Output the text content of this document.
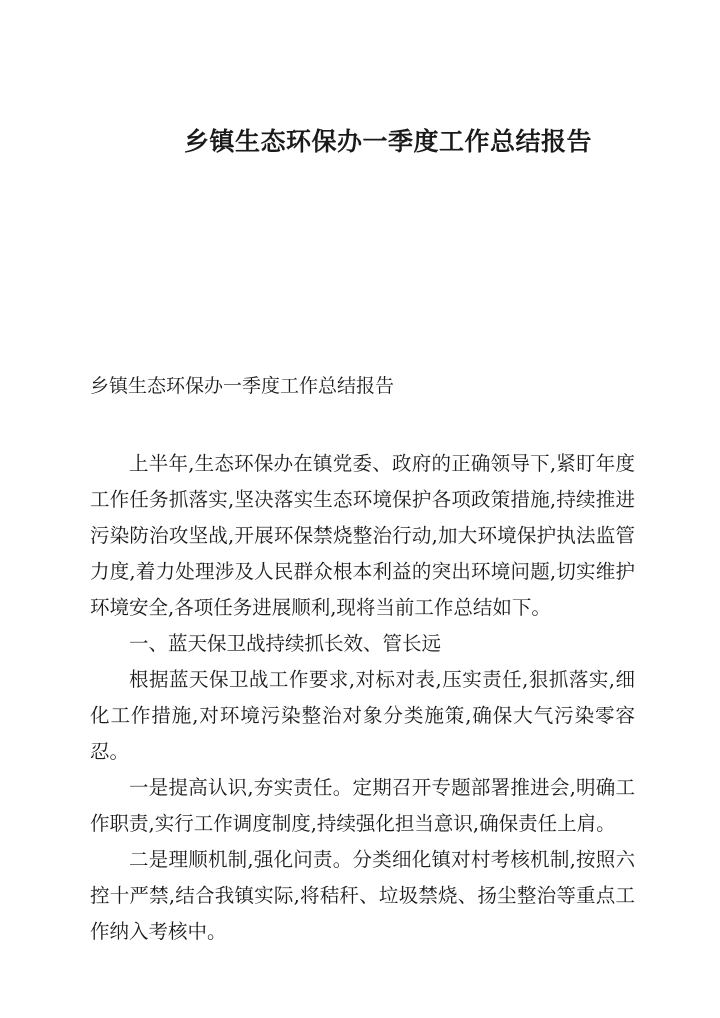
乡镇生态环保办一季度工作总结报告
乡镇生态环保办一季度工作总结报告

上半年,生态环保办在镇党委、政府的正确领导下,紧盯年度工作任务抓落实,坚决落实生态环境保护各项政策措施,持续推进污染防治攻坚战,开展环保禁烧整治行动,加大环境保护执法监管力度,着力处理涉及人民群众根本利益的突出环境问题,切实维护环境安全,各项任务进展顺利,现将当前工作总结如下。

一、蓝天保卫战持续抓长效、管长远

根据蓝天保卫战工作要求,对标对表,压实责任,狠抓落实,细化工作措施,对环境污染整治对象分类施策,确保大气污染零容忍。

一是提高认识,夯实责任。定期召开专题部署推进会,明确工作职责,实行工作调度制度,持续强化担当意识,确保责任上肩。

二是理顺机制,强化问责。分类细化镇对村考核机制,按照六控十严禁,结合我镇实际,将秸秆、垃圾禁烧、扬尘整治等重点工作纳入考核中。
